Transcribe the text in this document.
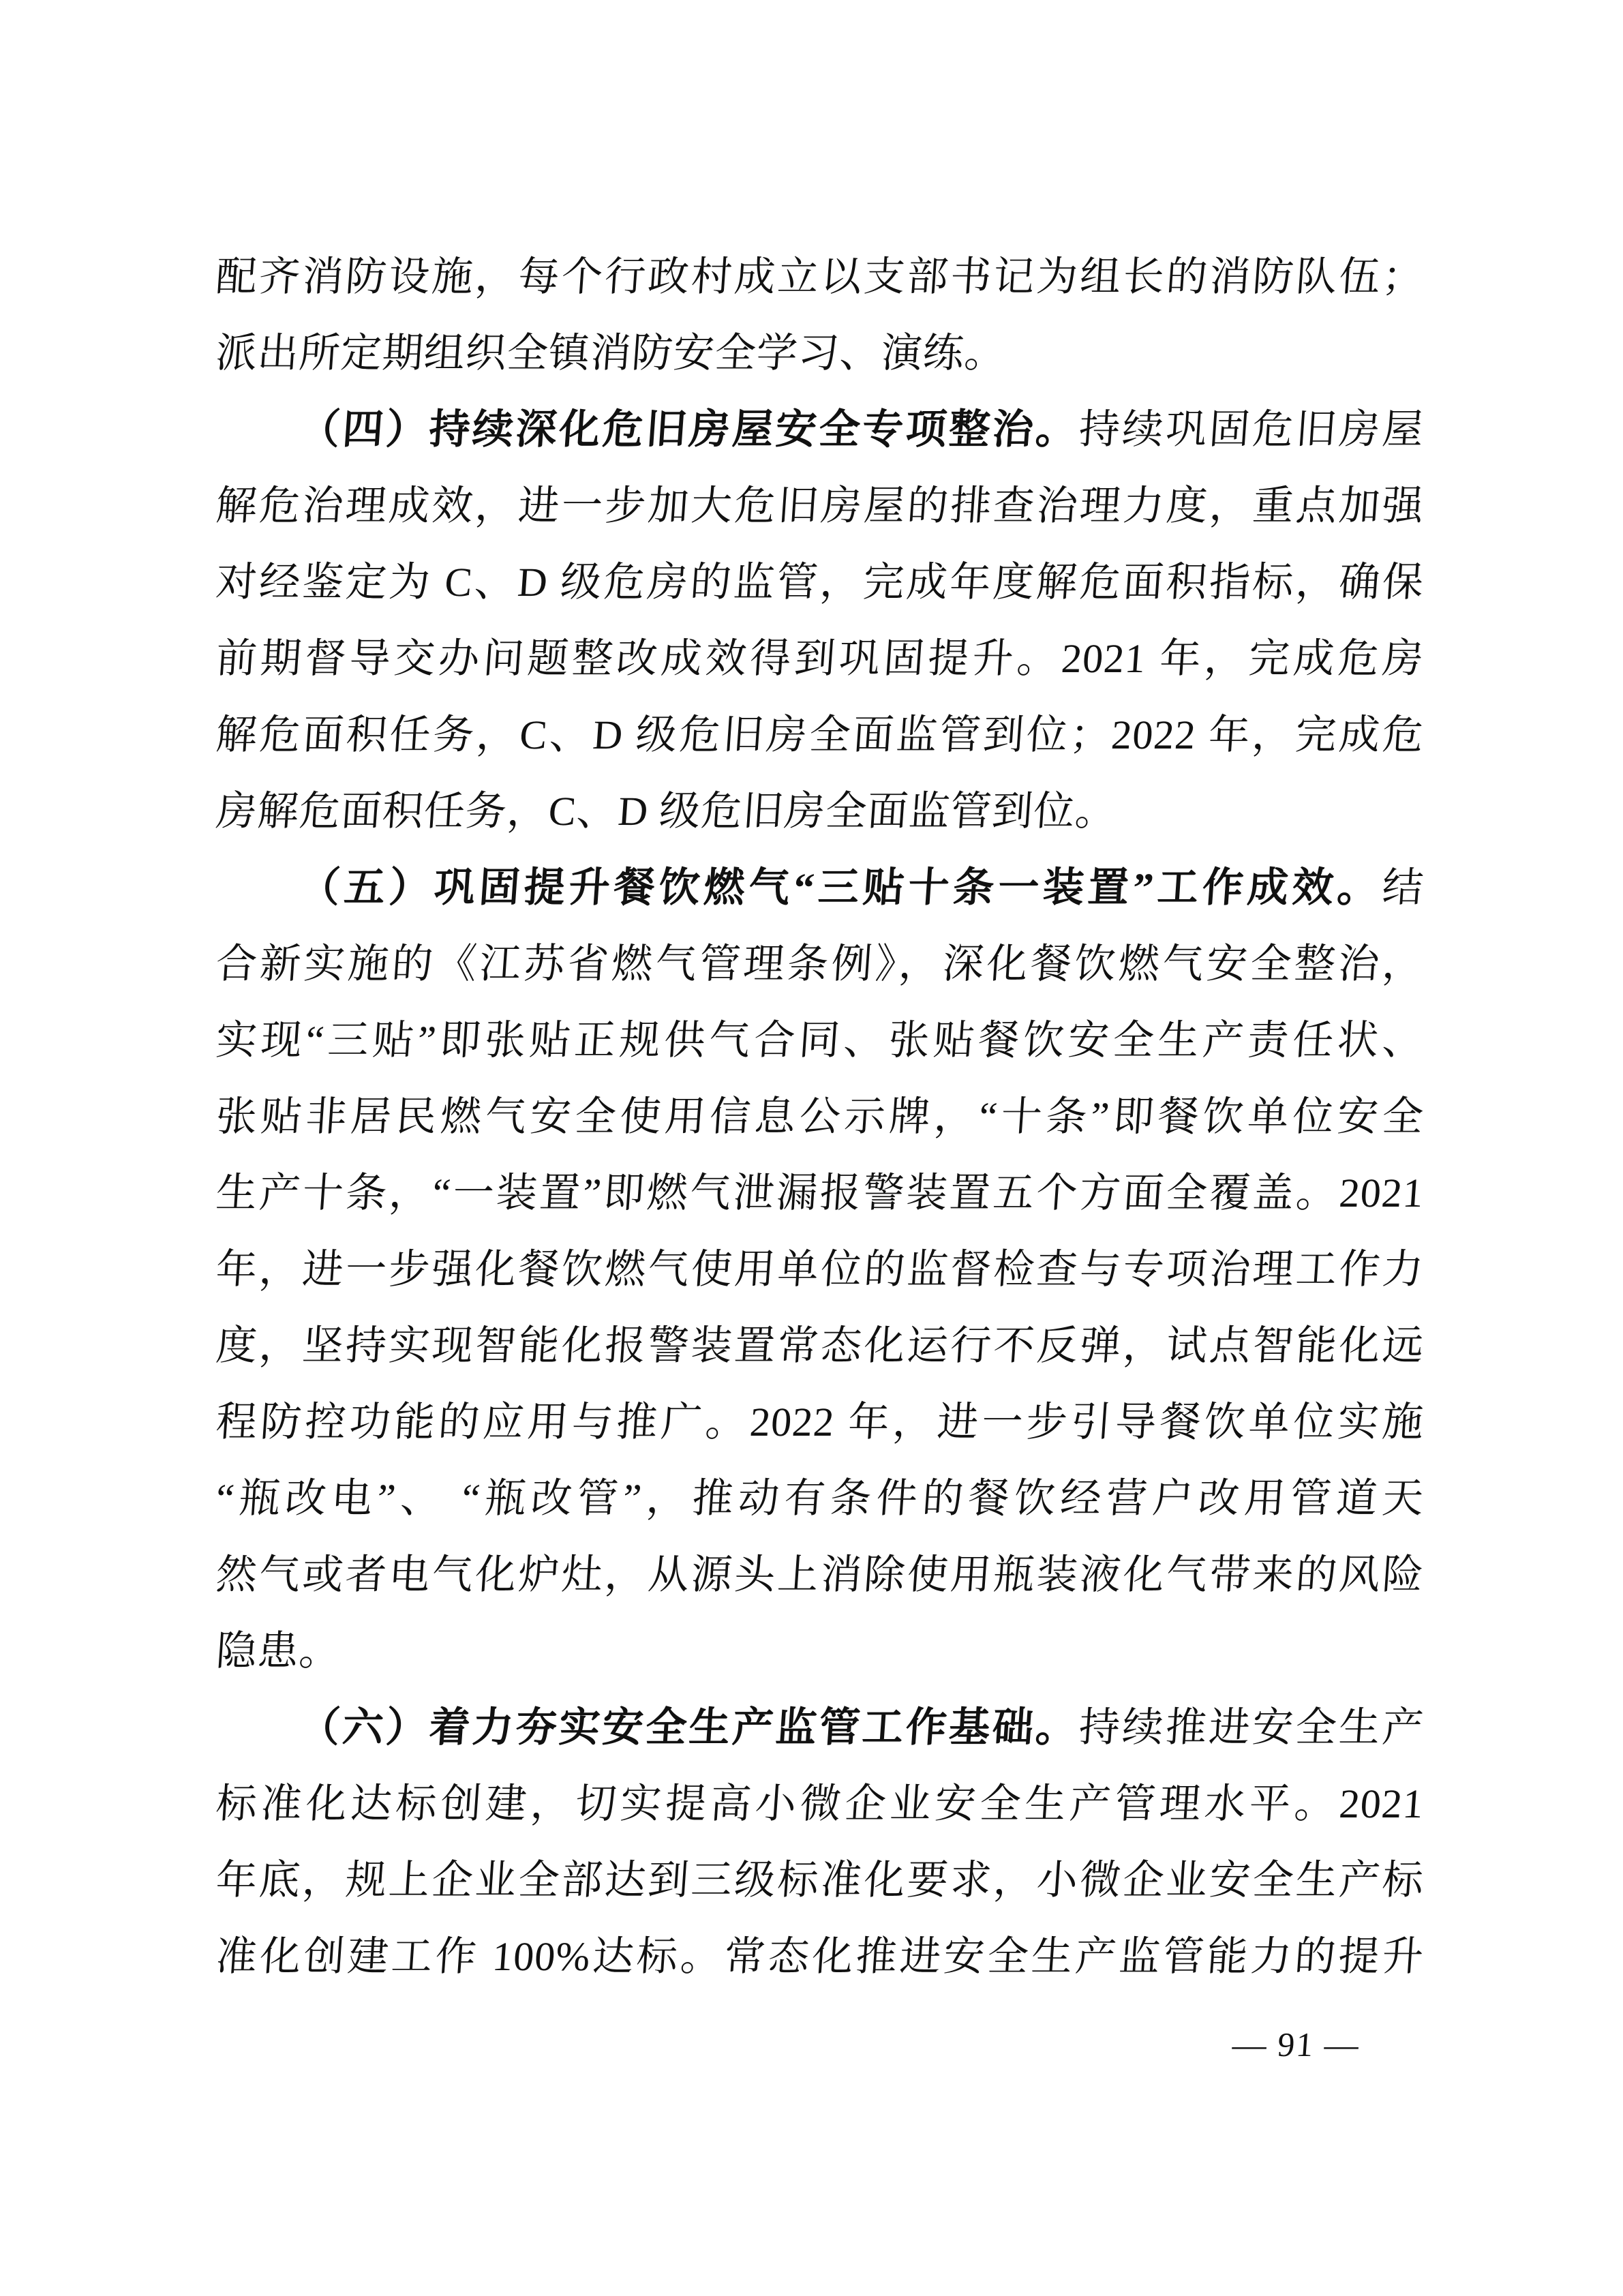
配齐消防设施，每个行政村成立以支部书记为组长的消防队伍；
派出所定期组织全镇消防安全学习、演练。
（四）持续深化危旧房屋安全专项整治。持续巩固危旧房屋
解危治理成效，进一步加大危旧房屋的排查治理力度，重点加强
对经鉴定为 C、D 级危房的监管，完成年度解危面积指标，确保
前期督导交办问题整改成效得到巩固提升。2021 年，完成危房
解危面积任务，C、D 级危旧房全面监管到位；2022 年，完成危
房解危面积任务，C、D 级危旧房全面监管到位。
（五）巩固提升餐饮燃气“三贴十条一装置”工作成效。结
合新实施的《江苏省燃气管理条例》，深化餐饮燃气安全整治，
实现“三贴”即张贴正规供气合同、张贴餐饮安全生产责任状、
张贴非居民燃气安全使用信息公示牌，“十条”即餐饮单位安全
生产十条，“一装置”即燃气泄漏报警装置五个方面全覆盖。2021
年，进一步强化餐饮燃气使用单位的监督检查与专项治理工作力
度，坚持实现智能化报警装置常态化运行不反弹，试点智能化远
程防控功能的应用与推广。2022 年，进一步引导餐饮单位实施
“瓶改电”、 “瓶改管”，推动有条件的餐饮经营户改用管道天
然气或者电气化炉灶，从源头上消除使用瓶装液化气带来的风险
隐患。
（六）着力夯实安全生产监管工作基础。持续推进安全生产
标准化达标创建，切实提高小微企业安全生产管理水平。2021
年底，规上企业全部达到三级标准化要求，小微企业安全生产标
准化创建工作 100%达标。常态化推进安全生产监管能力的提升
— 91 —
